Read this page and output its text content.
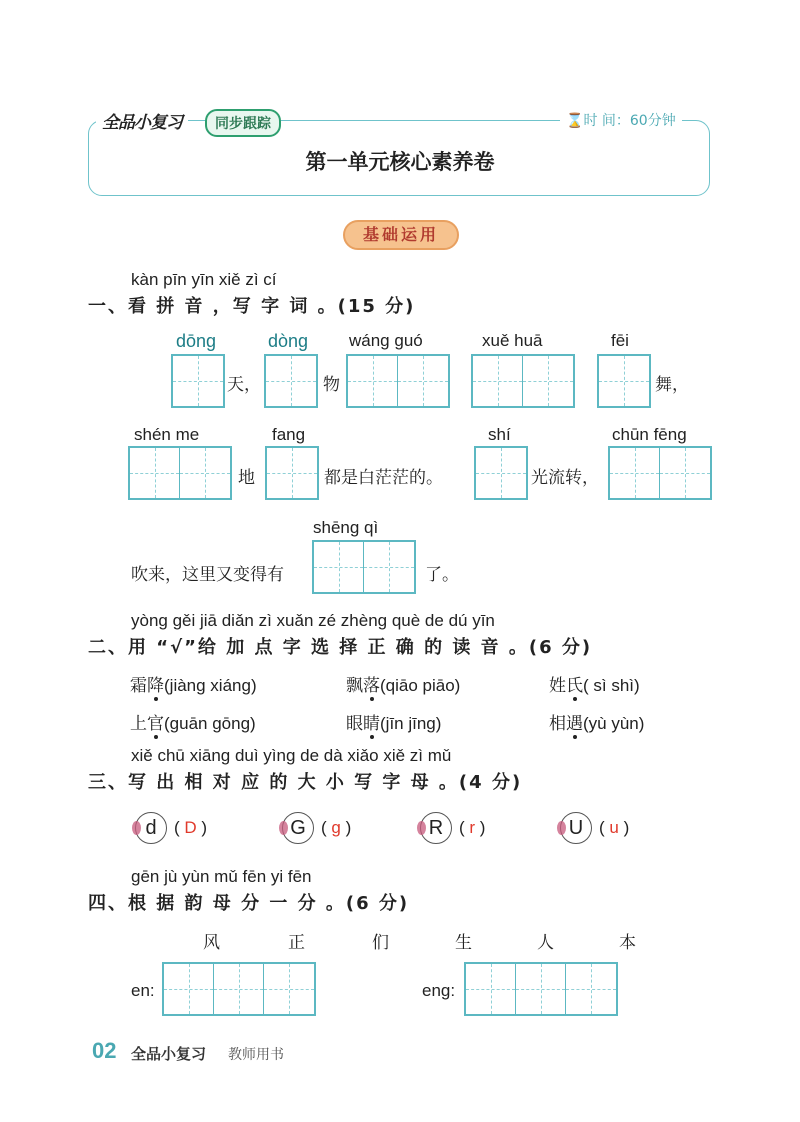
全品小复习	同步跟踪	⌛时 间：60分钟
第一单元核心素养卷
基础运用
kàn pīn yīn xiě zì cí
一、看 拼 音 ，写 字 词 。(15 分)
dōng
天，
dòng
物
wáng guó	xuě huā	fēi
舞，
shén me
地
fang
都是白茫茫的。
shí
光流转，
chūn fēng
shēng qì
吹来，这里又变得有	了。
yòng gěi jiā diǎn zì xuǎn zé zhèng què de dú yīn
二、用 “√”给 加 点 字 选 择 正 确 的 读 音 。(6 分)
霜降(jiàng xiáng)	飘落(qiāo piāo)	姓氏( sì shì)
上官(guān gōng)	眼睛(jīn jīng)	相遇(yù yùn)
xiě chū xiāng duì yìng de dà xiǎo xiě zì mǔ
三、写 出 相 对 应 的 大 小 写 字 母 。(4 分)
d	( D )	G ( g )	R ( r )	U ( u )
gēn jù yùn mǔ fēn yi fēn
四、根 据 韵 母 分 一 分 。(6 分)
风	正	们	生	人	本
en:	eng:
02 全品小复习 教师用书
